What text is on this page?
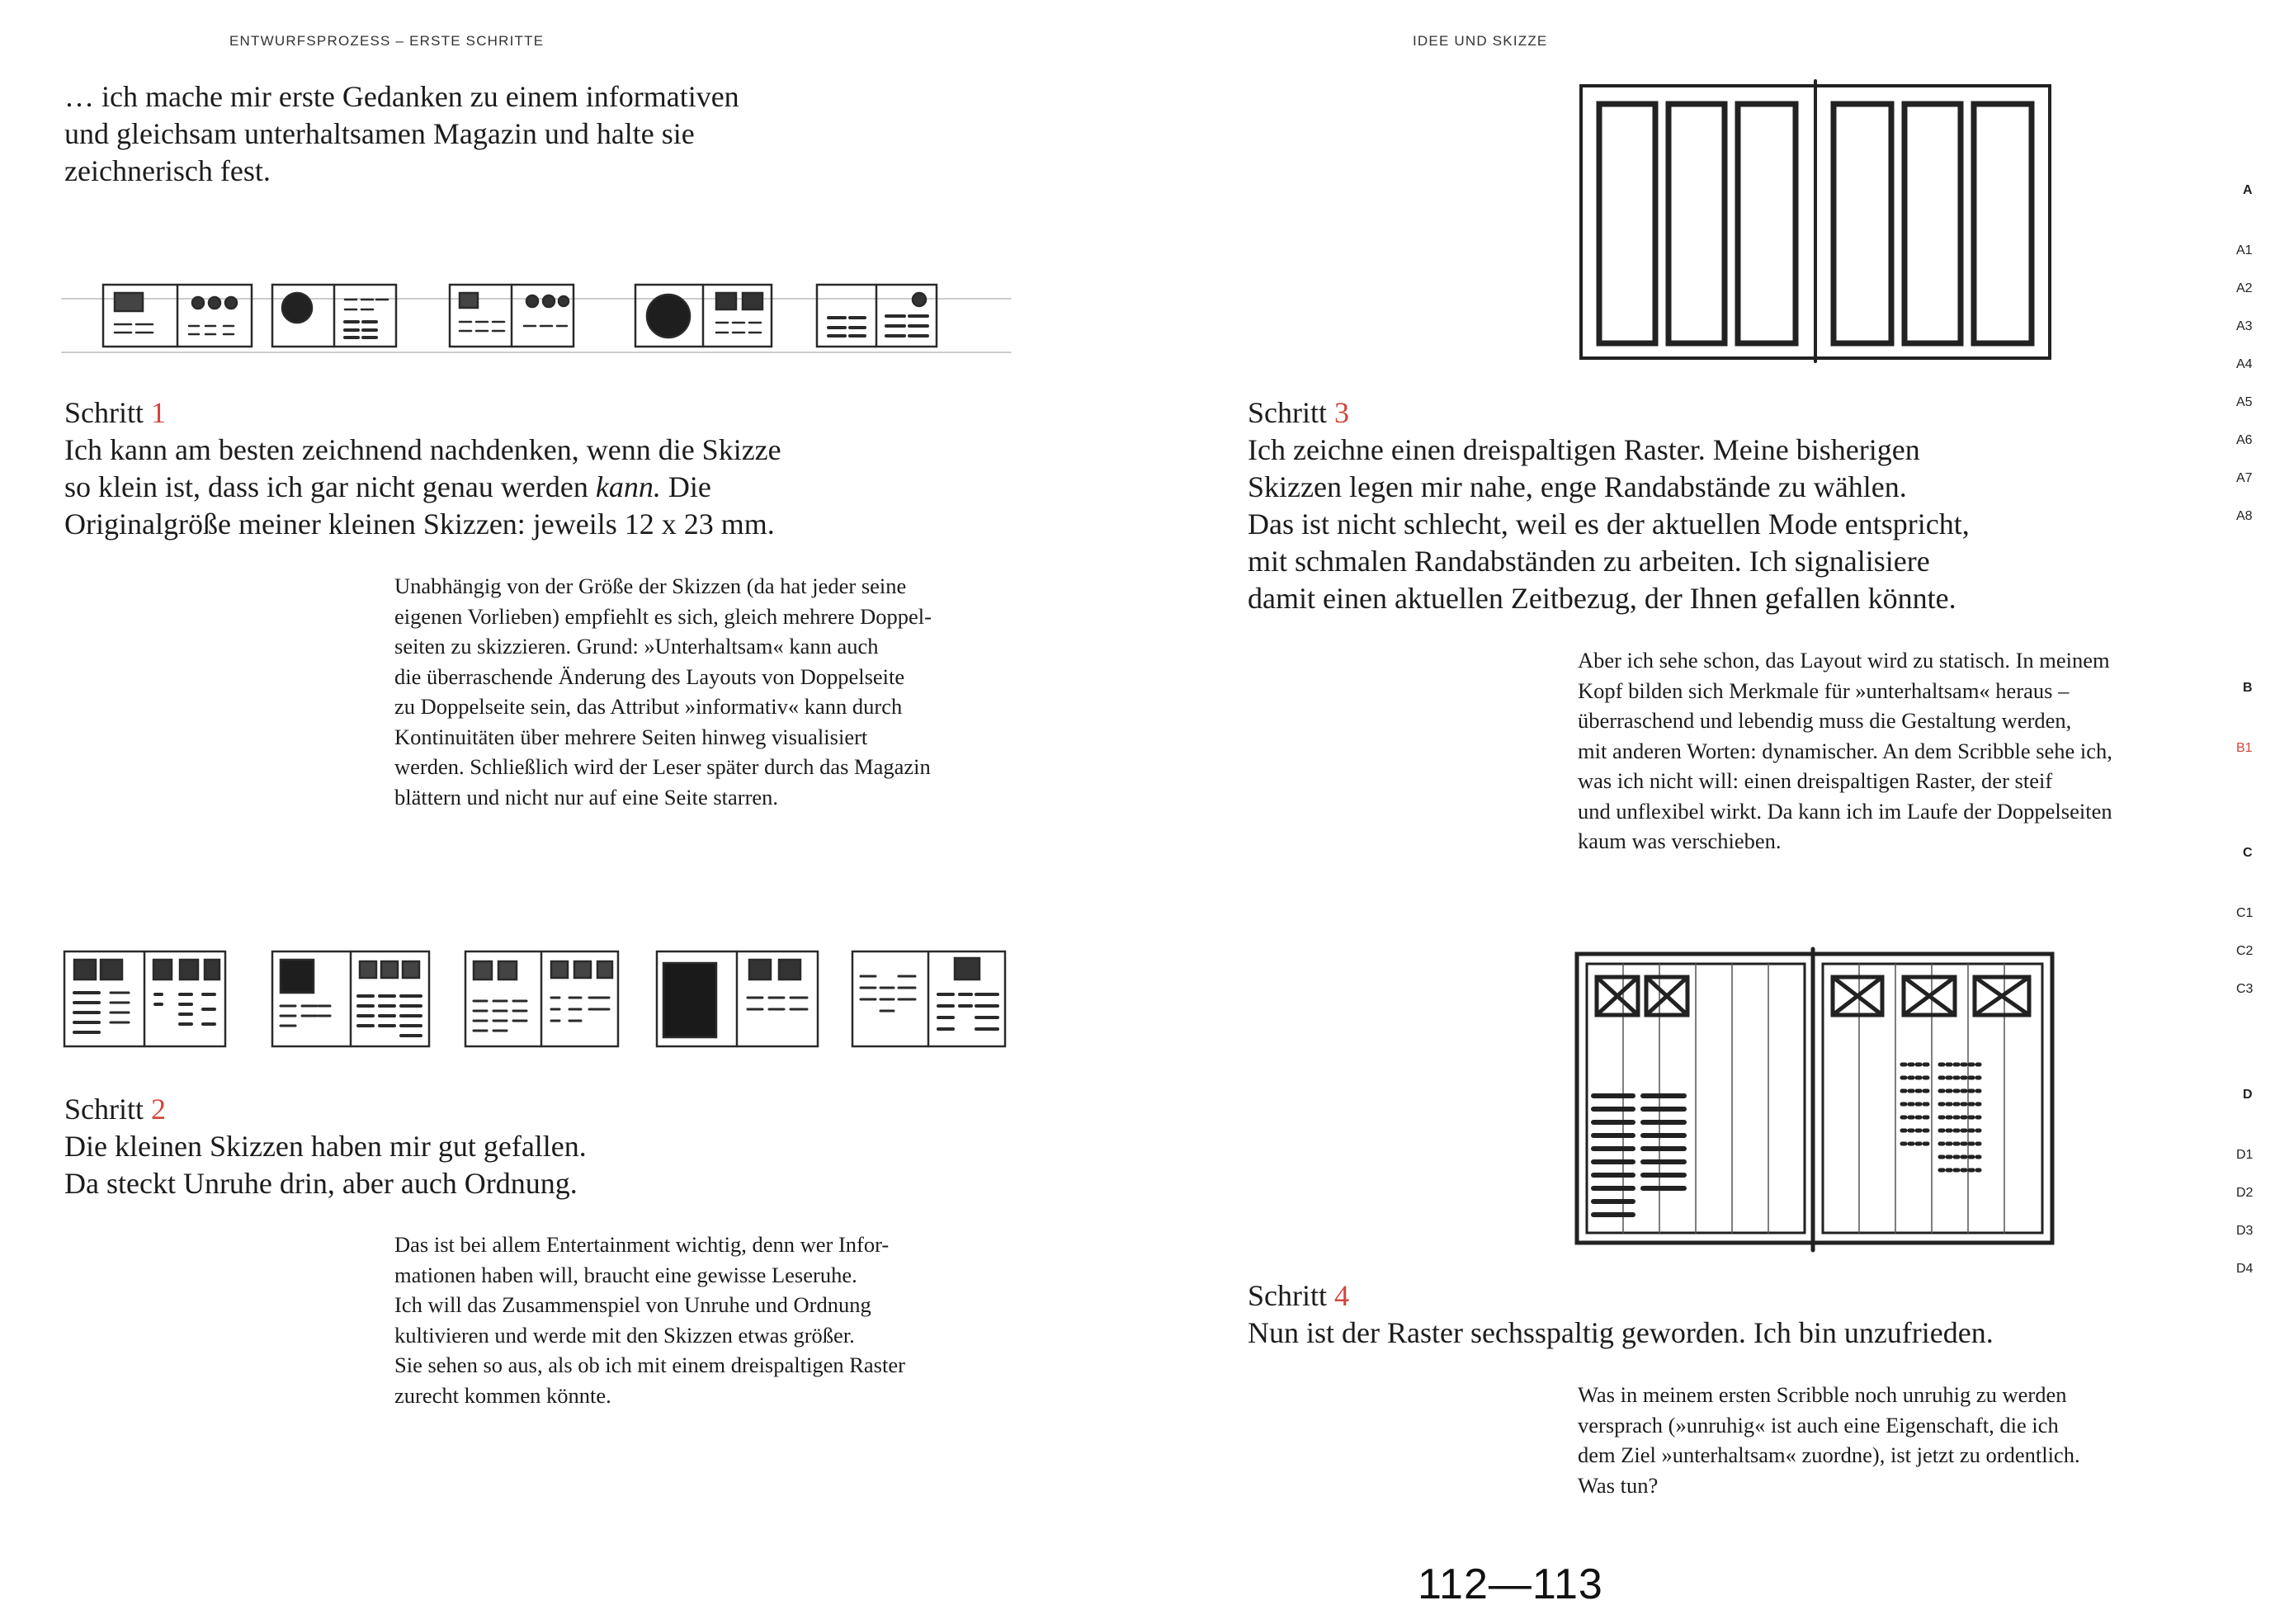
ENTWURFSPROZESS – ERSTE SCHRITTE
… ich mache mir erste Gedanken zu einem informativen
und gleichsam unterhaltsamen Magazin und halte sie
zeichnerisch fest.
Schritt 1
Ich kann am besten zeichnend nachdenken, wenn die Skizze
so klein ist, dass ich gar nicht genau werden kann. Die
Originalgröße meiner kleinen Skizzen: jeweils 12 x 23 mm.
Unabhängig von der Größe der Skizzen (da hat jeder seine
eigenen Vorlieben) empfiehlt es sich, gleich mehrere Doppel-
seiten zu skizzieren. Grund: »Unterhaltsam« kann auch
die überraschende Änderung des Layouts von Doppelseite
zu Doppelseite sein, das Attribut »informativ« kann durch
Kontinuitäten über mehrere Seiten hinweg visualisiert
werden. Schließlich wird der Leser später durch das Magazin
blättern und nicht nur auf eine Seite starren.
Schritt 2
Die kleinen Skizzen haben mir gut gefallen.
Da steckt Unruhe drin, aber auch Ordnung.
Das ist bei allem Entertainment wichtig, denn wer Infor-
mationen haben will, braucht eine gewisse Leseruhe.
Ich will das Zusammenspiel von Unruhe und Ordnung
kultivieren und werde mit den Skizzen etwas größer.
Sie sehen so aus, als ob ich mit einem dreispaltigen Raster
zurecht kommen könnte.
IDEE UND SKIZZE
Schritt 3
Ich zeichne einen dreispaltigen Raster. Meine bisherigen
Skizzen legen mir nahe, enge Randabstände zu wählen.
Das ist nicht schlecht, weil es der aktuellen Mode entspricht,
mit schmalen Randabständen zu arbeiten. Ich signalisiere
damit einen aktuellen Zeitbezug, der Ihnen gefallen könnte.
Aber ich sehe schon, das Layout wird zu statisch. In meinem
Kopf bilden sich Merkmale für »unterhaltsam« heraus –
überraschend und lebendig muss die Gestaltung werden,
mit anderen Worten: dynamischer. An dem Scribble sehe ich,
was ich nicht will: einen dreispaltigen Raster, der steif
und unflexibel wirkt. Da kann ich im Laufe der Doppelseiten
kaum was verschieben.
Schritt 4
Nun ist der Raster sechsspaltig geworden. Ich bin unzufrieden.
Was in meinem ersten Scribble noch unruhig zu werden
versprach (»unruhig« ist auch eine Eigenschaft, die ich
dem Ziel »unterhaltsam« zuordne), ist jetzt zu ordentlich.
Was tun?
112—113
A
A1
A2
A3
A4
A5
A6
A7
A8
B
B1
C
C1
C2
C3
D
D1
D2
D3
D4
